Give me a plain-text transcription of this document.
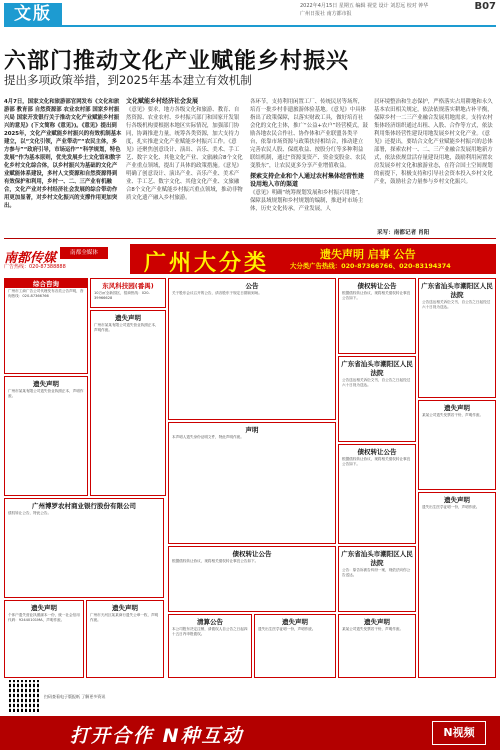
文版	2022年4月15日 星期五 编辑 视觉 设计 刘思远 校对 钟华
广州日报社 南方都市报
B07
六部门推动文化产业赋能乡村振兴
提出多项政策举措，到2025年基本建立有效机制
4月7日，国家文化和旅游部官网发布《文化和旅游部 教育部 自然资源部 农业农村部 国家乡村振兴局 国家开发银行关于推动文化产业赋能乡村振兴的意见》(下文简称《意见》)。《意见》提出到2025年，文化产业赋能乡村振兴的有效机制基本建立，以“文化引领，产业带动”“农民主体，多方参与”“政府引导，市场运作”“科学规划，特色发展”作为基本原则，优先发展乡土文化馆和数字化乡村文化综合体，以乡村振兴为基础的文化产业赋能体系建设，多村人文资源和自然资源得到有效保护和利用，乡村一、二、三产业有机融合，文化产业对乡村经济社会发展的综合带动作用更加显著，对乡村文化振兴的支撑作用更加突出。
文化赋能乡村经济社会发展
《意见》要求，地方各级文化和旅游、教育、自然资源、农业农村、乡村振兴部门和国家开发银行各级机构要根据本地区实际情况，加强部门协同，协调推进力量，统筹各类资源，加大支持力度，扎实推进文化产业赋能乡村振兴工作。《意见》还聚焦创意设计、演出、音乐、美术、手工艺、数字文化、其他文化产业、文旅融合8个文化产业重点领域，提出了具体的政策措施。《意见》明确了创意设计、演出产业、音乐产业、美术产业、手工艺、数字文化、其他文化产业、文旅融合8个文化产业赋能乡村振兴重点领域，推动非物质文化遗产融入乡村旅游。
各环节，支持利用闲置工厂、传统民居等场所，培育一批乡村非遗旅游体验基地。《意见》中具体指出了政策保障，以落实财政工具，做好培育社会化的文化主体，推广“公益+农户”经营模式，鼓励各地农民合作社、协作体和产业联盟各类平台，依靠市场资源与政策扶持相结合，推动建立完善农民人股、保底收益、按股分红等多种利益联结机制，通过“资源变资产、资金变股金、农民变股东”，让农民更多分享产业增值收益。
探索支持企业和个人通过农村集体经营性建设用地入市的渠道
《意见》明确“统筹规划发展和乡村振兴用地”，保障县域规划和乡村规划的编制，推进对市场主体，历史文化传承，产业发展，人
居环境整治和生态保护，严格落实占用耕地和永久基本农田相关规定，依法依规落实耕地占补平衡，保障乡村一二三产业融合发展用地需求。支持农村集体经济组织通过出租、入股、合作等方式，依法利用集体经营性建设用地发展乡村文化产业。《意见》还提出，要结合文化产业赋能乡村振兴的总体部署，探索农村一、二、三产业融合发展用地新方式，依法依规盘活存量建设用地，鼓励利用闲置农房发展乡村文化和旅游业态，在符合国土空间规划的前提下，积极支持和引导社会资本投入乡村文化产业，鼓励社会力量参与乡村文化振兴。
采写：南都记者 肖阳
南都传媒
广告热线：020-87388888
南都全媒体	广州大分类	遗失声明 启事 公告
大分类广告热线：020-87366766、020-83194374
综合咨询
广州市工商广告公司代理发布各类公告声明，咨询热线：020-87366766
遗失声明
广州市某某有限公司遗失营业执照正本，声明作废。
广州博罗农村商业银行股份有限公司
债权转让公告，特此公告。
遗失声明
个体户遗失营业执照副本一份，统一社会信用代码：92440101MA，声明作废。
遗失声明
广州市天河区某某商行遗失公章一枚，声明作废。
东风科技园(番禺)
10万㎡全新园区，招商热线：020-39966628
遗失声明
广州市某某有限公司遗失营业执照正本，声明作废。
公告
关于股东会议召开的公告，请各股东于规定日期前到场。
声明
本声明人遗失身份证明文件，特此声明作废。
债权转让公告
根据债权转让协议，现将相关债权转让事宜公告如下。
清算公告
本公司股东决定注销，请债权人自公告之日起四十五日内申报债权。
遗失声明
遗失出生医学证明一份，声明作废。
债权转让公告
根据债权转让协议，现将相关债权转让事宜公告如下。
广东省汕头市潮阳区人民法院
公告送达相关诉讼文书，自公告之日起经过六十日视为送达。
债权转让公告
根据债权转让协议，现将相关债权转让事宜公告如下。
广东省汕头市潮阳区人民法院
公告：原告诉被告纠纷一案，现依法向你公告送达。
遗失声明
某某公司遗失发票若干份，声明作废。
广东省汕头市潮阳区人民法院
公告送达相关诉讼文书，自公告之日起经过六十日视为送达。
遗失声明
某某公司遗失发票若干份，声明作废。
遗失声明
遗失出生医学证明一份，声明作废。
扫码查看电子版报纸 了解更多资讯
打开合作 N种互动	N视频
